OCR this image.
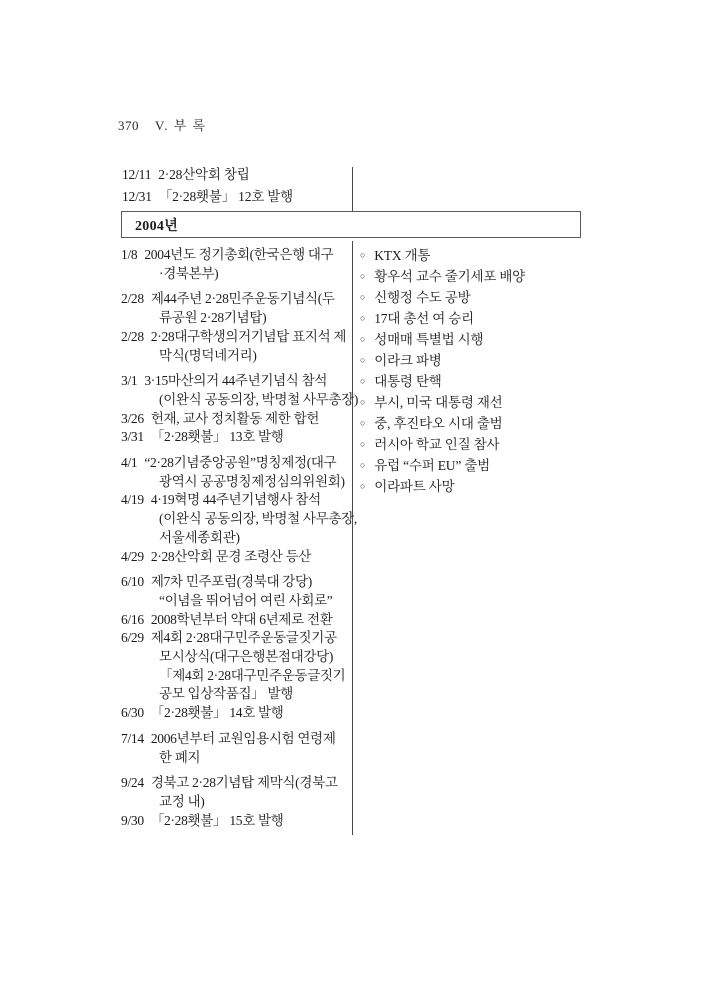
370 V. 부 록
12/11 2·28산악회 창립
12/31 「2·28횃불」 12호 발행
2004년
1/8 2004년도 정기총회(한국은행 대구
·경북본부)
2/28 제44주년 2·28민주운동기념식(두
류공원 2·28기념탑)
2/28 2·28대구학생의거기념탑 표지석 제
막식(명덕네거리)
3/1 3·15마산의거 44주년기념식 참석
(이완식 공동의장, 박명철 사무총장)
3/26 헌재, 교사 정치활동 제한 합헌
3/31 「2·28횃불」 13호 발행
4/1 “2·28기념중앙공원”명칭제정(대구
광역시 공공명칭제정심의위원회)
4/19 4·19혁명 44주년기념행사 참석
(이완식 공동의장, 박명철 사무총장,
서울세종회관)
4/29 2·28산악회 문경 조령산 등산
6/10 제7차 민주포럼(경북대 강당)
“이념을 뛰어넘어 여린 사회로”
6/16 2008학년부터 약대 6년제로 전환
6/29 제4회 2·28대구민주운동글짓기공
모시상식(대구은행본점대강당)
「제4회 2·28대구민주운동글짓기
공모 입상작품집」 발행
6/30 「2·28횃불」 14호 발행
7/14 2006년부터 교원임용시험 연령제
한 폐지
9/24 경북고 2·28기념탑 제막식(경북고
교정 내)
9/30 「2·28횃불」 15호 발행
○ KTX 개통
○ 황우석 교수 줄기세포 배양
○ 신행정 수도 공방
○ 17대 총선 여 승리
○ 성매매 특별법 시행
○ 이라크 파병
○ 대통령 탄핵
○ 부시, 미국 대통령 재선
○ 중, 후진타오 시대 출범
○ 러시아 학교 인질 참사
○ 유럽 “수퍼 EU” 출범
○ 이라파트 사망
